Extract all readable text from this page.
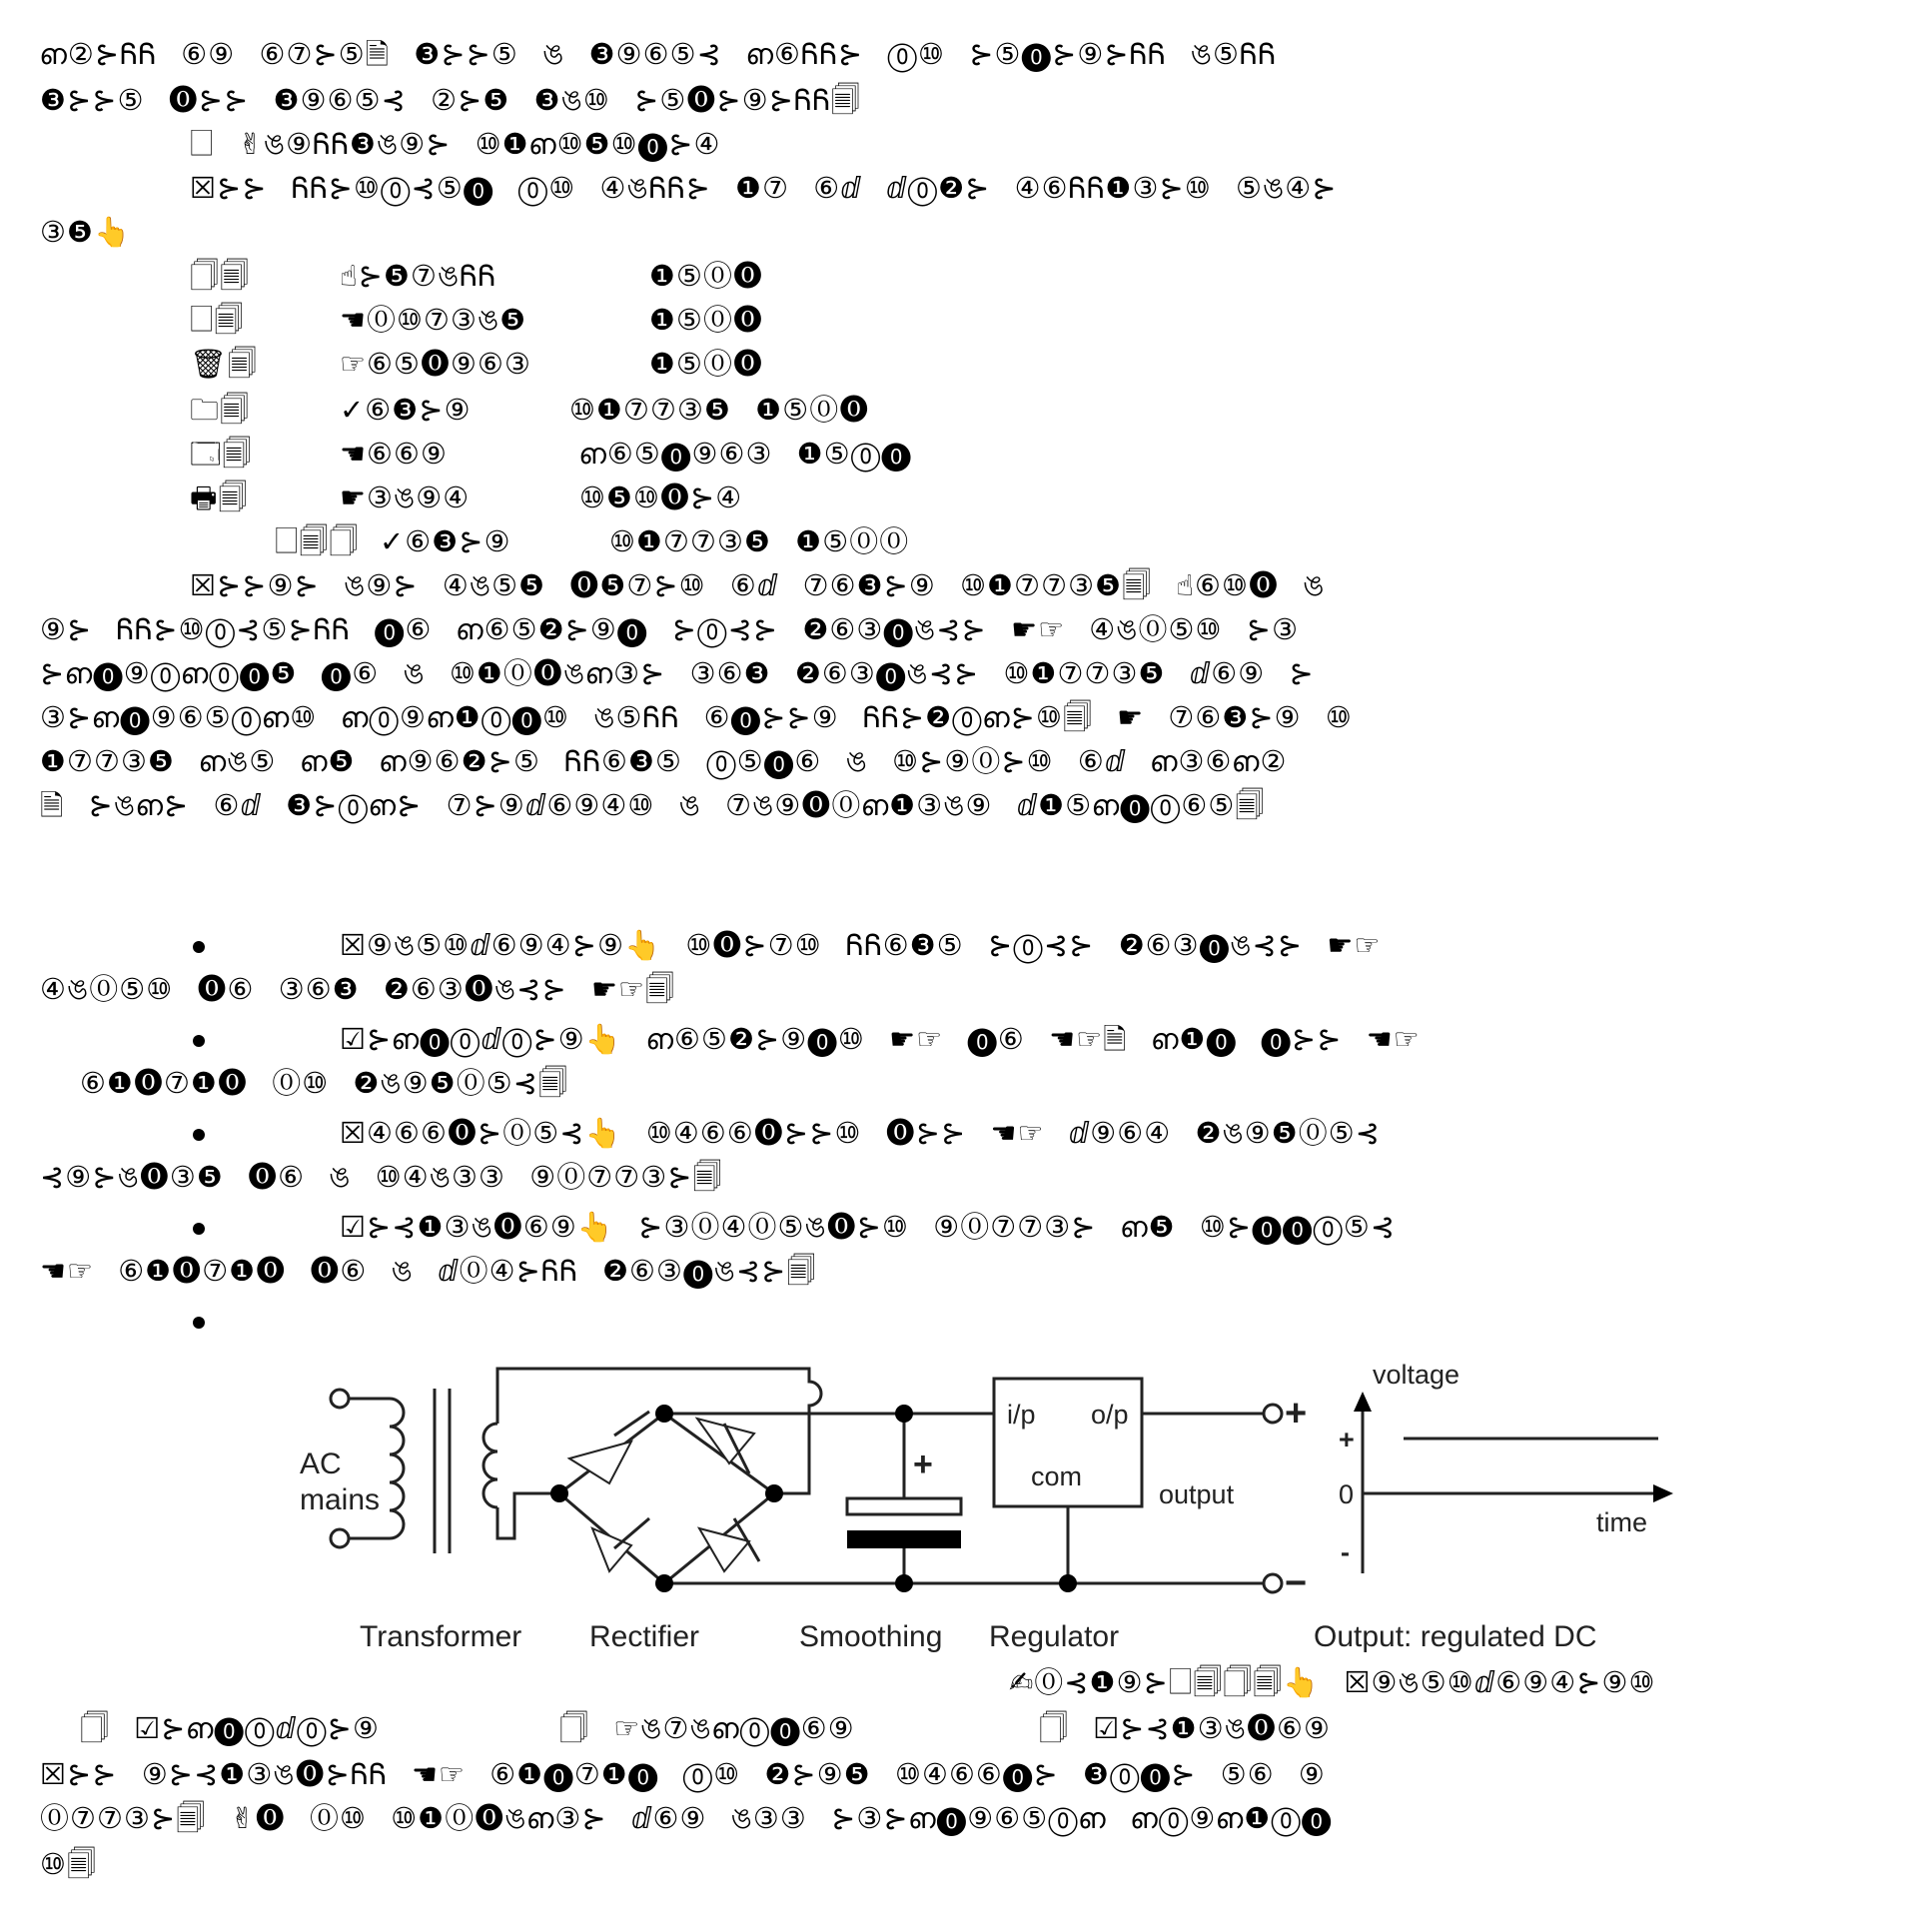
ഩ②⊱ᏲᏲ ⑥⑨ ⑥⑦⊱⑤🗎 ❸⊱⊱⑤ ঙ ❸⑨⑥⑤⊰ ഩ⑥ᏲᏲ⊱ ⓪⑩ ⊱⑤⓿⊱⑨⊱ᏲᏲ ঙ⑤ᏲᏲ
❸⊱⊱⑤ ⓿⊱⊱ ❸⑨⑥⑤⊰ ②⊱❺ ❸ঙ⑩ ⊱⑤⓿⊱⑨⊱ᏲᏲ🗐
🗌 ✌ঙ⑨ᏲᏲ❸ঙ⑨⊱ ⑩❶ഩ⑩❺⑩⓿⊱④
☒⊱⊱ ᏲᏲ⊱⑩⓪⊰⑤⓿ ⓪⑩ ④ঙᏲᏲ⊱ ❶⑦ ⑥ⅆ ⅆ⓪❷⊱ ④⑥ᏲᏲ❶③⊱⑩ ⑤ঙ④⊱
③❺👆
🗍🗐	☝⊱❺⑦ঙᏲᏲ	❶⑤⓪⓿
🗌🗐	☚⓪⑩⑦③ঙ❺	❶⑤⓪⓿
🗑🗐	☞⑥⑤⓿⑨⑥③	❶⑤⓪⓿
🗀🗐	✓⑥❸⊱⑨	⑩❶⑦⑦③❺ ❶⑤⓪⓿
🗔🗐	☚⑥⑥⑨	ഩ⑥⑤⓿⑨⑥③ ❶⑤⓪⓿
🖶🗐	☛③ঙ⑨④	⑩❺⑩⓿⊱④
🗌🗐🗍 ✓⑥❸⊱⑨	⑩❶⑦⑦③❺ ❶⑤⓪⓪
☒⊱⊱⑨⊱ ঙ⑨⊱ ④ঙ⑤❺ ⓿❺⑦⊱⑩ ⑥ⅆ ⑦⑥❸⊱⑨ ⑩❶⑦⑦③❺🗐 ☝⑥⑩⓿ ঙ
⑨⊱ ᏲᏲ⊱⑩⓪⊰⑤⊱ᏲᏲ ⓿⑥ ഩ⑥⑤❷⊱⑨⓿ ⊱⓪⊰⊱ ❷⑥③⓿ঙ⊰⊱ ☛☞ ④ঙ⓪⑤⑩ ⊱③
⊱ഩ⓿⑨⓪ഩ⓪⓿❺ ⓿⑥ ঙ ⑩❶⓪⓿ঙഩ③⊱ ③⑥❸ ❷⑥③⓿ঙ⊰⊱ ⑩❶⑦⑦③❺ ⅆ⑥⑨ ⊱
③⊱ഩ⓿⑨⑥⑤⓪ഩ⑩ ഩ⓪⑨ഩ❶⓪⓿⑩ ঙ⑤ᏲᏲ ⑥⓿⊱⊱⑨ ᏲᏲ⊱❷⓪ഩ⊱⑩🗐 ☛ ⑦⑥❸⊱⑨ ⑩
❶⑦⑦③❺ ഩঙ⑤ ഩ❺ ഩ⑨⑥❷⊱⑤ ᏲᏲ⑥❸⑤ ⓪⑤⓿⑥ ঙ ⑩⊱⑨⓪⊱⑩ ⑥ⅆ ഩ③⑥ഩ②
🗎 ⊱ঙഩ⊱ ⑥ⅆ ❸⊱⓪ഩ⊱ ⑦⊱⑨ⅆ⑥⑨④⑩ ঙ ⑦ঙ⑨⓿⓪ഩ❶③ঙ⑨ ⅆ❶⑤ഩ⓿⓪⑥⑤🗐
☒⑨ঙ⑤⑩ⅆ⑥⑨④⊱⑨👆 ⑩⓿⊱⑦⑩ ᏲᏲ⑥❸⑤ ⊱⓪⊰⊱ ❷⑥③⓿ঙ⊰⊱ ☛☞
④ঙ⓪⑤⑩ ⓿⑥ ③⑥❸ ❷⑥③⓿ঙ⊰⊱ ☛☞🗐
☑⊱ഩ⓿⓪ⅆ⓪⊱⑨👆 ഩ⑥⑤❷⊱⑨⓿⑩ ☛☞ ⓿⑥ ☚☞🗎 ഩ❶⓿ ⓿⊱⊱ ☚☞
⑥❶⓿⑦❶⓿ ⓪⑩ ❷ঙ⑨❺⓪⑤⊰🗐
☒④⑥⑥⓿⊱⓪⑤⊰👆 ⑩④⑥⑥⓿⊱⊱⑩ ⓿⊱⊱ ☚☞ ⅆ⑨⑥④ ❷ঙ⑨❺⓪⑤⊰
⊰⑨⊱ঙ⓿③❺ ⓿⑥ ঙ ⑩④ঙ③③ ⑨⓪⑦⑦③⊱🗐
☑⊱⊰❶③ঙ⓿⑥⑨👆 ⊱③⓪④⓪⑤ঙ⓿⊱⑩ ⑨⓪⑦⑦③⊱ ഩ❺ ⑩⊱⓿⓿⓪⑤⊰
☚☞ ⑥❶⓿⑦❶⓿ ⓿⑥ ঙ ⅆ⓪④⊱ᏲᏲ ❷⑥③⓿ঙ⊰⊱🗐
AC
mains
i/p o/p
com
+
+
−
output
voltage
+
0
-
time
Transformer Rectifier	Smoothing Regulator	Output: regulated DC
✍⓪⊰❶⑨⊱🗌🗐🗍🗐👆 ☒⑨ঙ⑤⑩ⅆ⑥⑨④⊱⑨⑩
🗍 ☑⊱ഩ⓿⓪ⅆ⓪⊱⑨	🗍 ☞ঙ⑦ঙഩ⓪⓿⑥⑨	🗍 ☑⊱⊰❶③ঙ⓿⑥⑨
☒⊱⊱ ⑨⊱⊰❶③ঙ⓿⊱ᏲᏲ ☚☞ ⑥❶⓿⑦❶⓿ ⓪⑩ ❷⊱⑨❺ ⑩④⑥⑥⓿⊱ ❸⓪⓿⊱ ⑤⑥ ⑨
⓪⑦⑦③⊱🗐 ✌⓿ ⓪⑩ ⑩❶⓪⓿ঙഩ③⊱ ⅆ⑥⑨ ঙ③③ ⊱③⊱ഩ⓿⑨⑥⑤⓪ഩ ഩ⓪⑨ഩ❶⓪⓿
⑩🗐
